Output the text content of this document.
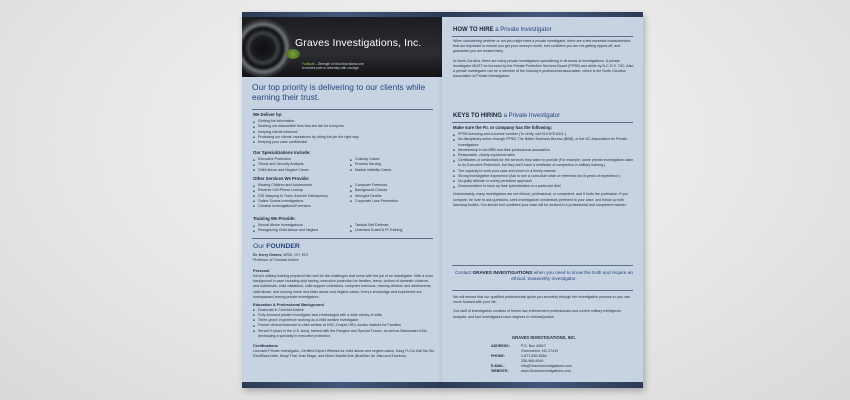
Graves Investigations, Inc.
Fortitude – Strength of mind that allows one
to endure pain or adversity with courage
Our top priority is delivering to our clients while earning their trust.
We Deliver by:
■ Getting the information
■ Working out reasonable fees that are fair for everyone
■ Keeping clients informed
■ Protecting our clients' reputations by doing the job the right way
■ Keeping your case confidential
Our Specializations Include:
■ Executive Protection
■ Threat and Security Analysis
■ Child Abuse and Neglect Cases
■ Custody Cases
■ Process Serving
■ Marital Infidelity Cases
Other Services We Provide:
■ Missing Children and Adolescents
■ Reverse Cell Phone Lookup
■ GIS Mapping In Track Juvenile Delinquency
■ Online Scams Investigations
■ Criminal Investigations/Forensics
■ Computer Forensics
■ Background Checks
■ Wrongful Deaths
■ Corporate Loss Prevention
Training We Provide:
■ Sexual Abuse Investigations
■ Recognizing Child Abuse and Neglect
■ Tactical Self Defense,
■ Unarmed Guard & PI Training
Our FOUNDER
Dr. Kerry Graves, MSW, CFI, EDI
Professor of Criminal Justice
Personal
Kerry's military training prepared him well for the challenges that come with the job of an investigator. With a solid background in case including skip tracing, executive protection for families, teens, victims of domestic violence, and individuals, child visitations, child support collections, computer forensics, missing children and adolescents, child abuse, and nursing home and elder abuse and neglect cases, Kerry's knowledge and experience are unsurpassed among private investigators.
Education & Professional Background
■ Doctorate in Criminal Justice
■ Fully licensed private investigator and criminologist with a wide variety of skills
■ Three-years' experience working as a child welfare investigator
■ Former clinical instructor in child welfare at UNC-Chapel Hill's Jordan Institute for Families
■ Served 9 years in the U.S. Army, trained with the Rangers and Special Forces, as well as Blackwater USA, developing a specialty in executive protection
Certifications
Licensed Private Investigator, Certified Expert Witness for child abuse and neglect cases, Kang Fu Do Kali Mu Sul Red/Black belts, Muay Thai, Krav Maga, and Mixed Martial Arts (Brazilian Jiu Jitsu and Escrima).
HOW TO HIRE a Private Investigator
When considering whether or not you might need a private investigator, there are a few essential characteristics that are important to ensure you get your money's worth, feel confident you are not getting ripped-off, and guarantee you are treated fairly.
In North Carolina, there are many private investigators specializing in all areas of investigations. A private investigator MUST be licensed by the Private Protective Services Board (PPSB) and abide by N.C.G.S. 74C. Also, a private investigator can be a member of the industry's professional association, which is the North Carolina Association of Private Investigators.
KEYS TO HIRING a Private Investigator
Make sure the P.I. or company has the following:
■ PPSB licensing and a license number (To verify, call 919-875-6311.)
■ No disciplinary action through PPSB, The Better Business Bureau (BBB), or the NC Association for Private Investigators
■ Membership in the BBB and their professional association
■ Reasonable, clearly explained rates
■ Certificates or credentials for the services they claim to provide (For example, some private investigators claim to do Executive Protection, but they don't have a certificate of completion or military training.)
■ The capacity to work your case and inform in a timely manner
■ Strong investigative experience (Ask to see a curriculum vitae or reference list of years of experience.)
■ No guilty attitude or overly persistent approach
■ Documentation to back up their specialization in a particular field
Unfortunately, many investigators are not ethical, professional, or competent, and it hurts the profession. If you compare, be sure to ask questions, seek investigators' credentials pertinent to your case, and follow up with licensing bodies. You should feel confident your case will be worked in a professional and competent manner.
Contact GRAVES INVESTIGATIONS when you need to know the truth and require an ethical, trustworthy investigator.
We will ensure that our qualified professionals guide you smoothly through the investigative process so you can move forward with your life.
Our staff of investigators consists of former law enforcement professionals and current military intelligence analysts, and four investigators have degrees in criminal justice.
GRAVES INVESTIGATIONS, INC.
ADDRESS:	P.O. Box 40817
	Greensboro, NC 27419
PHONE:	1-877-836-6554
	336-965-9049
E-MAIL:	info@GravesInvestigations.com
WEBSITE:	www.GravesInvestigations.com
